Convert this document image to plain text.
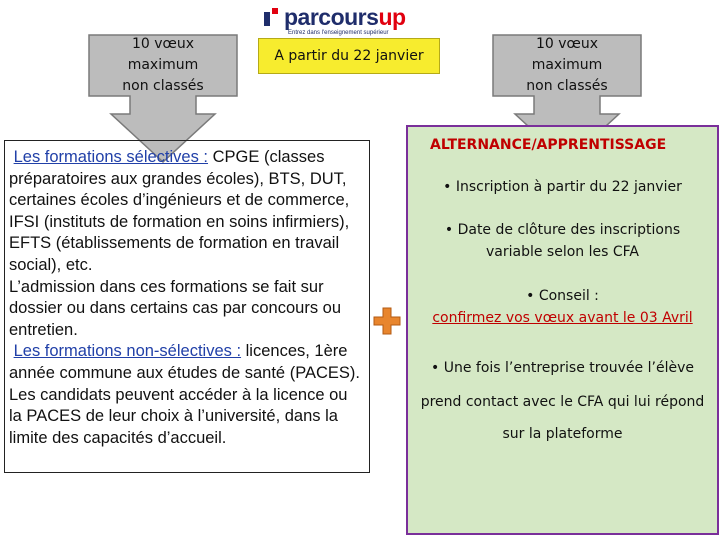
parcoursup
Entrez dans l'enseignement supérieur
10 vœux
maximum
non classés
A partir du 22 janvier
10 vœux
maximum
non classés

Les formations sélectives : CPGE (classes préparatoires aux grandes écoles), BTS, DUT, certaines écoles d’ingénieurs et de commerce, IFSI (instituts de formation en soins infirmiers), EFTS (établissements de formation en travail social), etc.

L’admission dans ces formations se fait sur dossier ou dans certains cas par concours ou entretien.

Les formations non-sélectives : licences, 1ère année commune aux études de santé (PACES).

Les candidats peuvent accéder à la licence ou la PACES de leur choix à l’université, dans la limite des capacités d’accueil.

ALTERNANCE/APPRENTISSAGE
• Inscription à partir du 22 janvier
• Date de clôture des inscriptions
variable selon les CFA
• Conseil :
confirmez vos vœux avant le 03 Avril
• Une fois l’entreprise trouvée l’élève
prend contact avec le CFA qui lui répond
sur la plateforme
